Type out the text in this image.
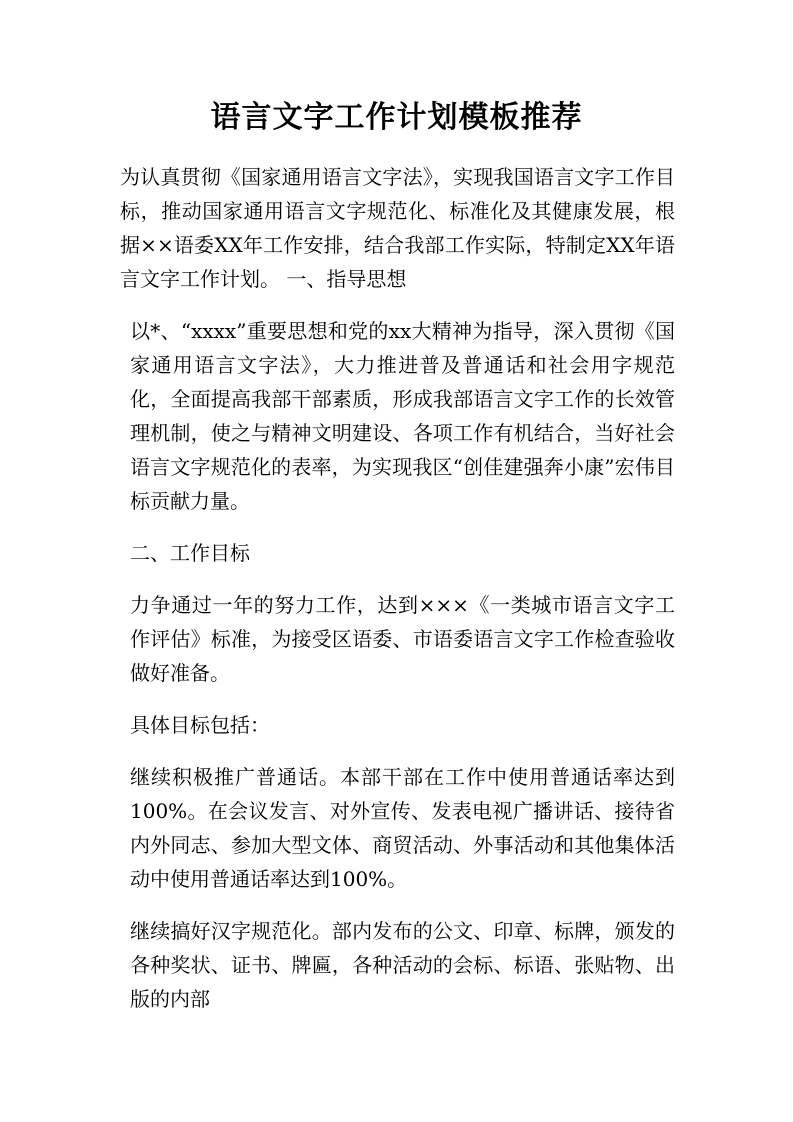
语言文字工作计划模板推荐

为认真贯彻《国家通用语言文字法》，实现我国语言文字工作目标，推动国家通用语言文字规范化、标准化及其健康发展，根据××语委XX年工作安排，结合我部工作实际，特制定XX年语言文字工作计划。 一、指导思想

以*、“xxxx”重要思想和党的xx大精神为指导，深入贯彻《国家通用语言文字法》，大力推进普及普通话和社会用字规范化，全面提高我部干部素质，形成我部语言文字工作的长效管理机制，使之与精神文明建设、各项工作有机结合，当好社会语言文字规范化的表率，为实现我区“创佳建强奔小康”宏伟目标贡献力量。

二、工作目标

力争通过一年的努力工作，达到×××《一类城市语言文字工作评估》标准，为接受区语委、市语委语言文字工作检查验收做好准备。

具体目标包括：

继续积极推广普通话。本部干部在工作中使用普通话率达到100%。在会议发言、对外宣传、发表电视广播讲话、接待省内外同志、参加大型文体、商贸活动、外事活动和其他集体活动中使用普通话率达到100%。

继续搞好汉字规范化。部内发布的公文、印章、标牌，颁发的各种奖状、证书、牌匾，各种活动的会标、标语、张贴物、出版的内部
